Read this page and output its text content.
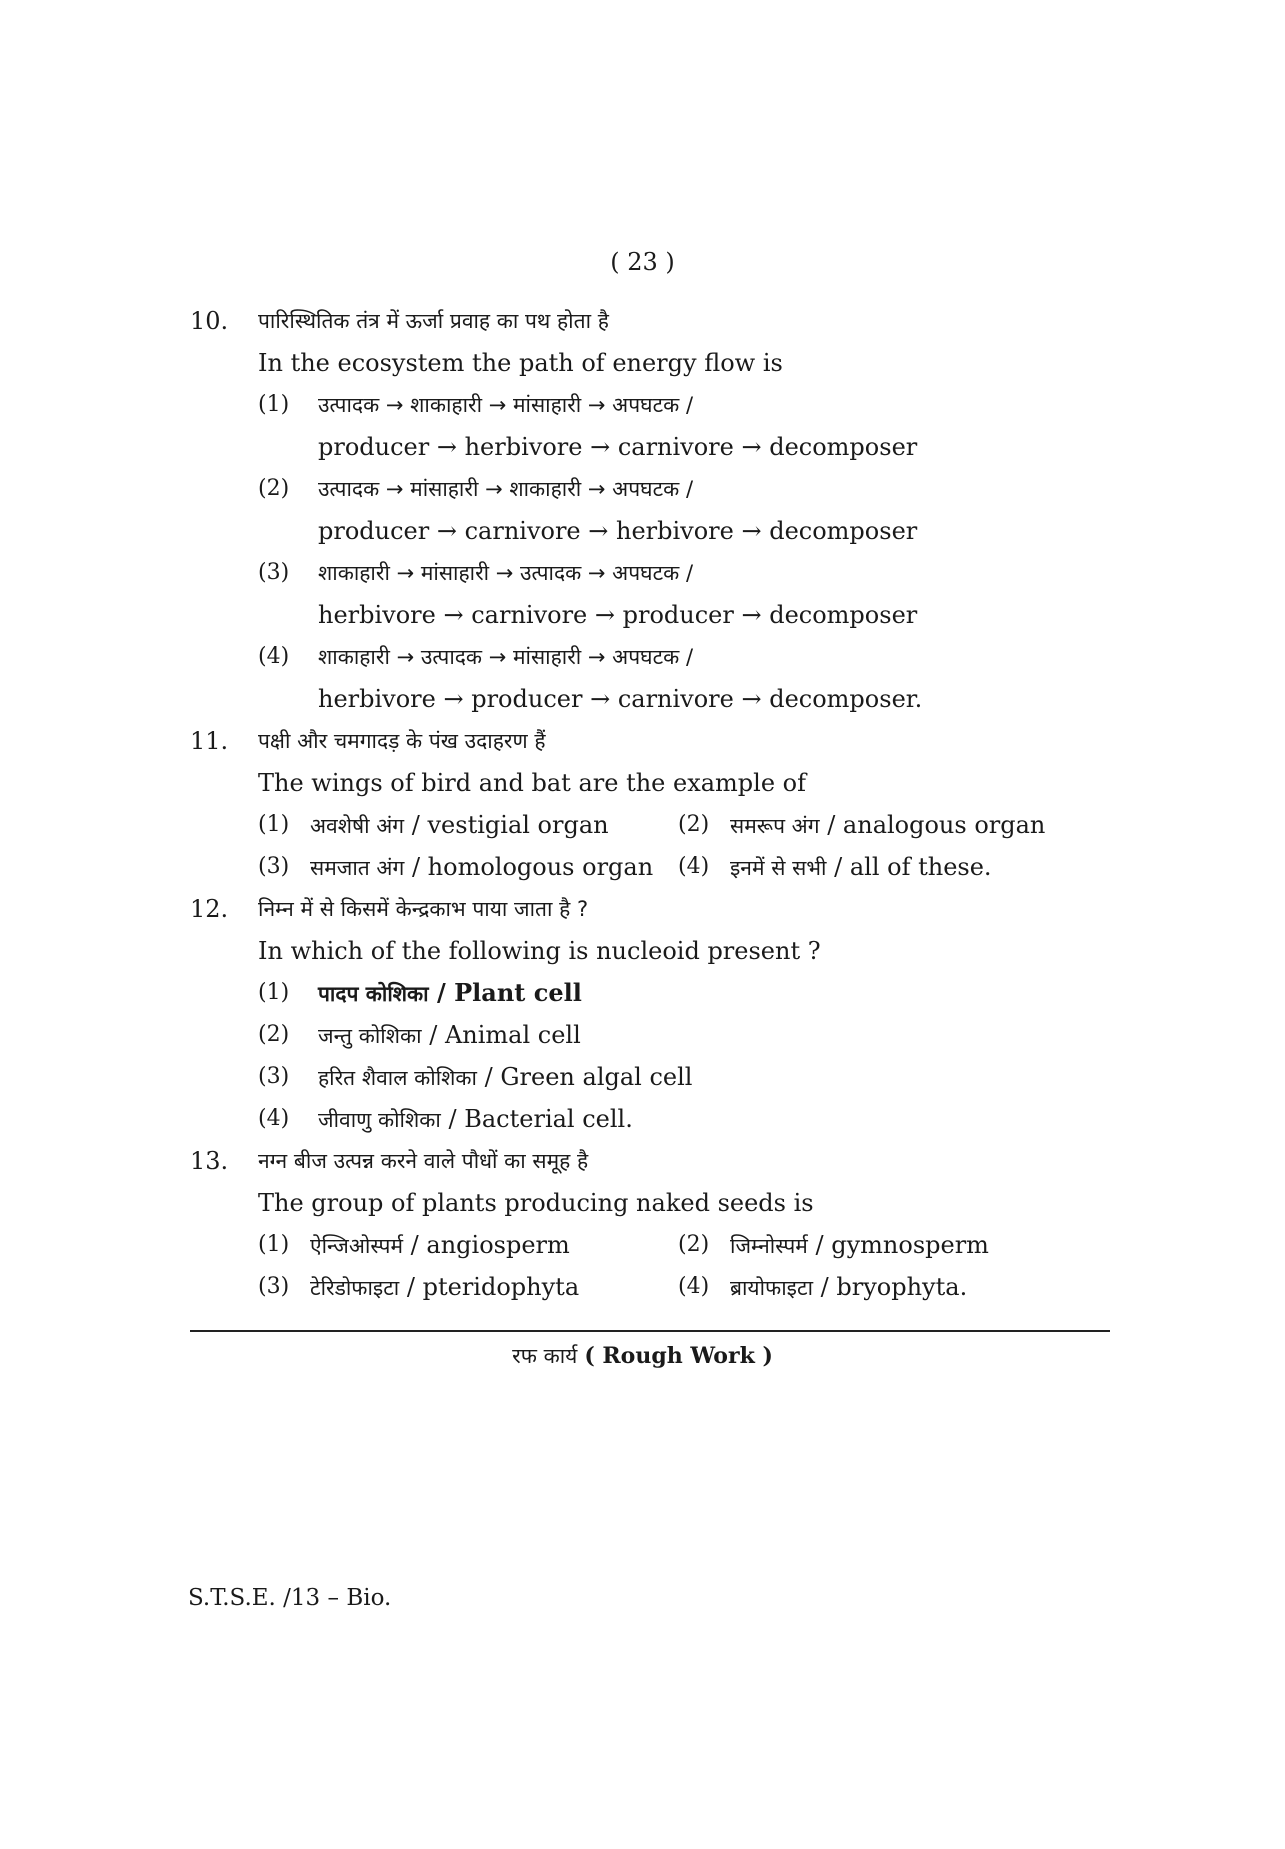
( 23 )
10. पारिस्थितिक तंत्र में ऊर्जा प्रवाह का पथ होता है
In the ecosystem the path of energy flow is
(1) उत्पादक → शाकाहारी → मांसाहारी → अपघटक /
producer → herbivore → carnivore → decomposer
(2) उत्पादक → मांसाहारी → शाकाहारी → अपघटक /
producer → carnivore → herbivore → decomposer
(3) शाकाहारी → मांसाहारी → उत्पादक → अपघटक /
herbivore → carnivore → producer → decomposer
(4) शाकाहारी → उत्पादक → मांसाहारी → अपघटक /
herbivore → producer → carnivore → decomposer.
11. पक्षी और चमगादड़ के पंख उदाहरण हैं
The wings of bird and bat are the example of
(1) अवशेषी अंग / vestigial organ	(2) समरूप अंग / analogous organ
(3) समजात अंग / homologous organ	(4) इनमें से सभी / all of these.
12. निम्न में से किसमें केन्द्रकाभ पाया जाता है ?
In which of the following is nucleoid present ?
(1) पादप कोशिका / Plant cell
(2) जन्तु कोशिका / Animal cell
(3) हरित शैवाल कोशिका / Green algal cell
(4) जीवाणु कोशिका / Bacterial cell.
13. नग्न बीज उत्पन्न करने वाले पौधों का समूह है
The group of plants producing naked seeds is
(1) ऐन्जिओस्पर्म / angiosperm	(2) जिम्नोस्पर्म / gymnosperm
(3) टेरिडोफाइटा / pteridophyta	(4) ब्रायोफाइटा / bryophyta.
रफ कार्य ( Rough Work )
S.T.S.E. /13 – Bio.
